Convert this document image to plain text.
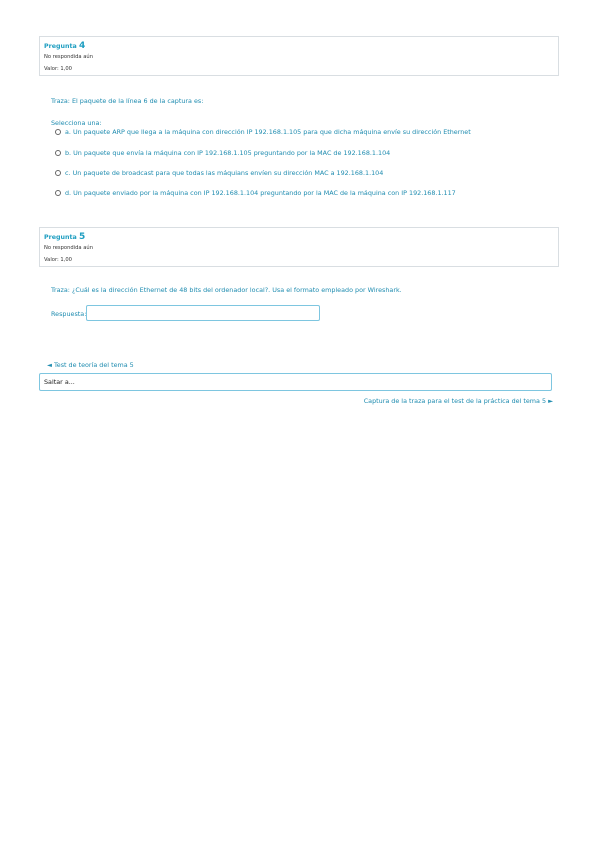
Pregunta 4
No respondida aún
Valor: 1,00
Traza: El paquete de la línea 6 de la captura es:
Selecciona una:
a. Un paquete ARP que llega a la máquina con dirección IP 192.168.1.105 para que dicha máquina envíe su dirección Ethernet
b. Un paquete que envía la máquina con IP 192.168.1.105 preguntando por la MAC de 192.168.1.104
c. Un paquete de broadcast para que todas las máquians envíen su dirección MAC a 192.168.1.104
d. Un paquete enviado por la máquina con IP 192.168.1.104 preguntando por la MAC de la máquina con IP 192.168.1.117
Pregunta 5
No respondida aún
Valor: 1,00
Traza: ¿Cuál es la dirección Ethernet de 48 bits del ordenador local?. Usa el formato empleado por Wireshark.
Respuesta:
◄ Test de teoría del tema 5
Saltar a...
Captura de la traza para el test de la práctica del tema 5 ►
